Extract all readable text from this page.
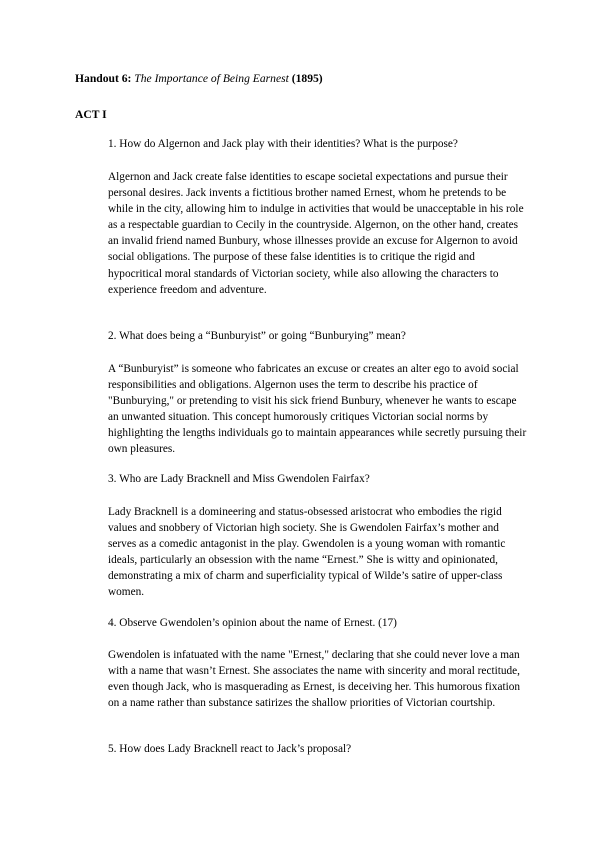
Handout 6: The Importance of Being Earnest (1895)
ACT I

1. How do Algernon and Jack play with their identities? What is the purpose?

Algernon and Jack create false identities to escape societal expectations and pursue their personal desires. Jack invents a fictitious brother named Ernest, whom he pretends to be while in the city, allowing him to indulge in activities that would be unacceptable in his role as a respectable guardian to Cecily in the countryside. Algernon, on the other hand, creates an invalid friend named Bunbury, whose illnesses provide an excuse for Algernon to avoid social obligations. The purpose of these false identities is to critique the rigid and hypocritical moral standards of Victorian society, while also allowing the characters to experience freedom and adventure.

2. What does being a “Bunburyist” or going “Bunburying” mean?

A “Bunburyist” is someone who fabricates an excuse or creates an alter ego to avoid social responsibilities and obligations. Algernon uses the term to describe his practice of "Bunburying," or pretending to visit his sick friend Bunbury, whenever he wants to escape an unwanted situation. This concept humorously critiques Victorian social norms by highlighting the lengths individuals go to maintain appearances while secretly pursuing their own pleasures.

3. Who are Lady Bracknell and Miss Gwendolen Fairfax?

Lady Bracknell is a domineering and status-obsessed aristocrat who embodies the rigid values and snobbery of Victorian high society. She is Gwendolen Fairfax’s mother and serves as a comedic antagonist in the play. Gwendolen is a young woman with romantic ideals, particularly an obsession with the name “Ernest.” She is witty and opinionated, demonstrating a mix of charm and superficiality typical of Wilde’s satire of upper-class women.

4. Observe Gwendolen’s opinion about the name of Ernest. (17)

Gwendolen is infatuated with the name "Ernest," declaring that she could never love a man with a name that wasn’t Ernest. She associates the name with sincerity and moral rectitude, even though Jack, who is masquerading as Ernest, is deceiving her. This humorous fixation on a name rather than substance satirizes the shallow priorities of Victorian courtship.

5. How does Lady Bracknell react to Jack’s proposal?
